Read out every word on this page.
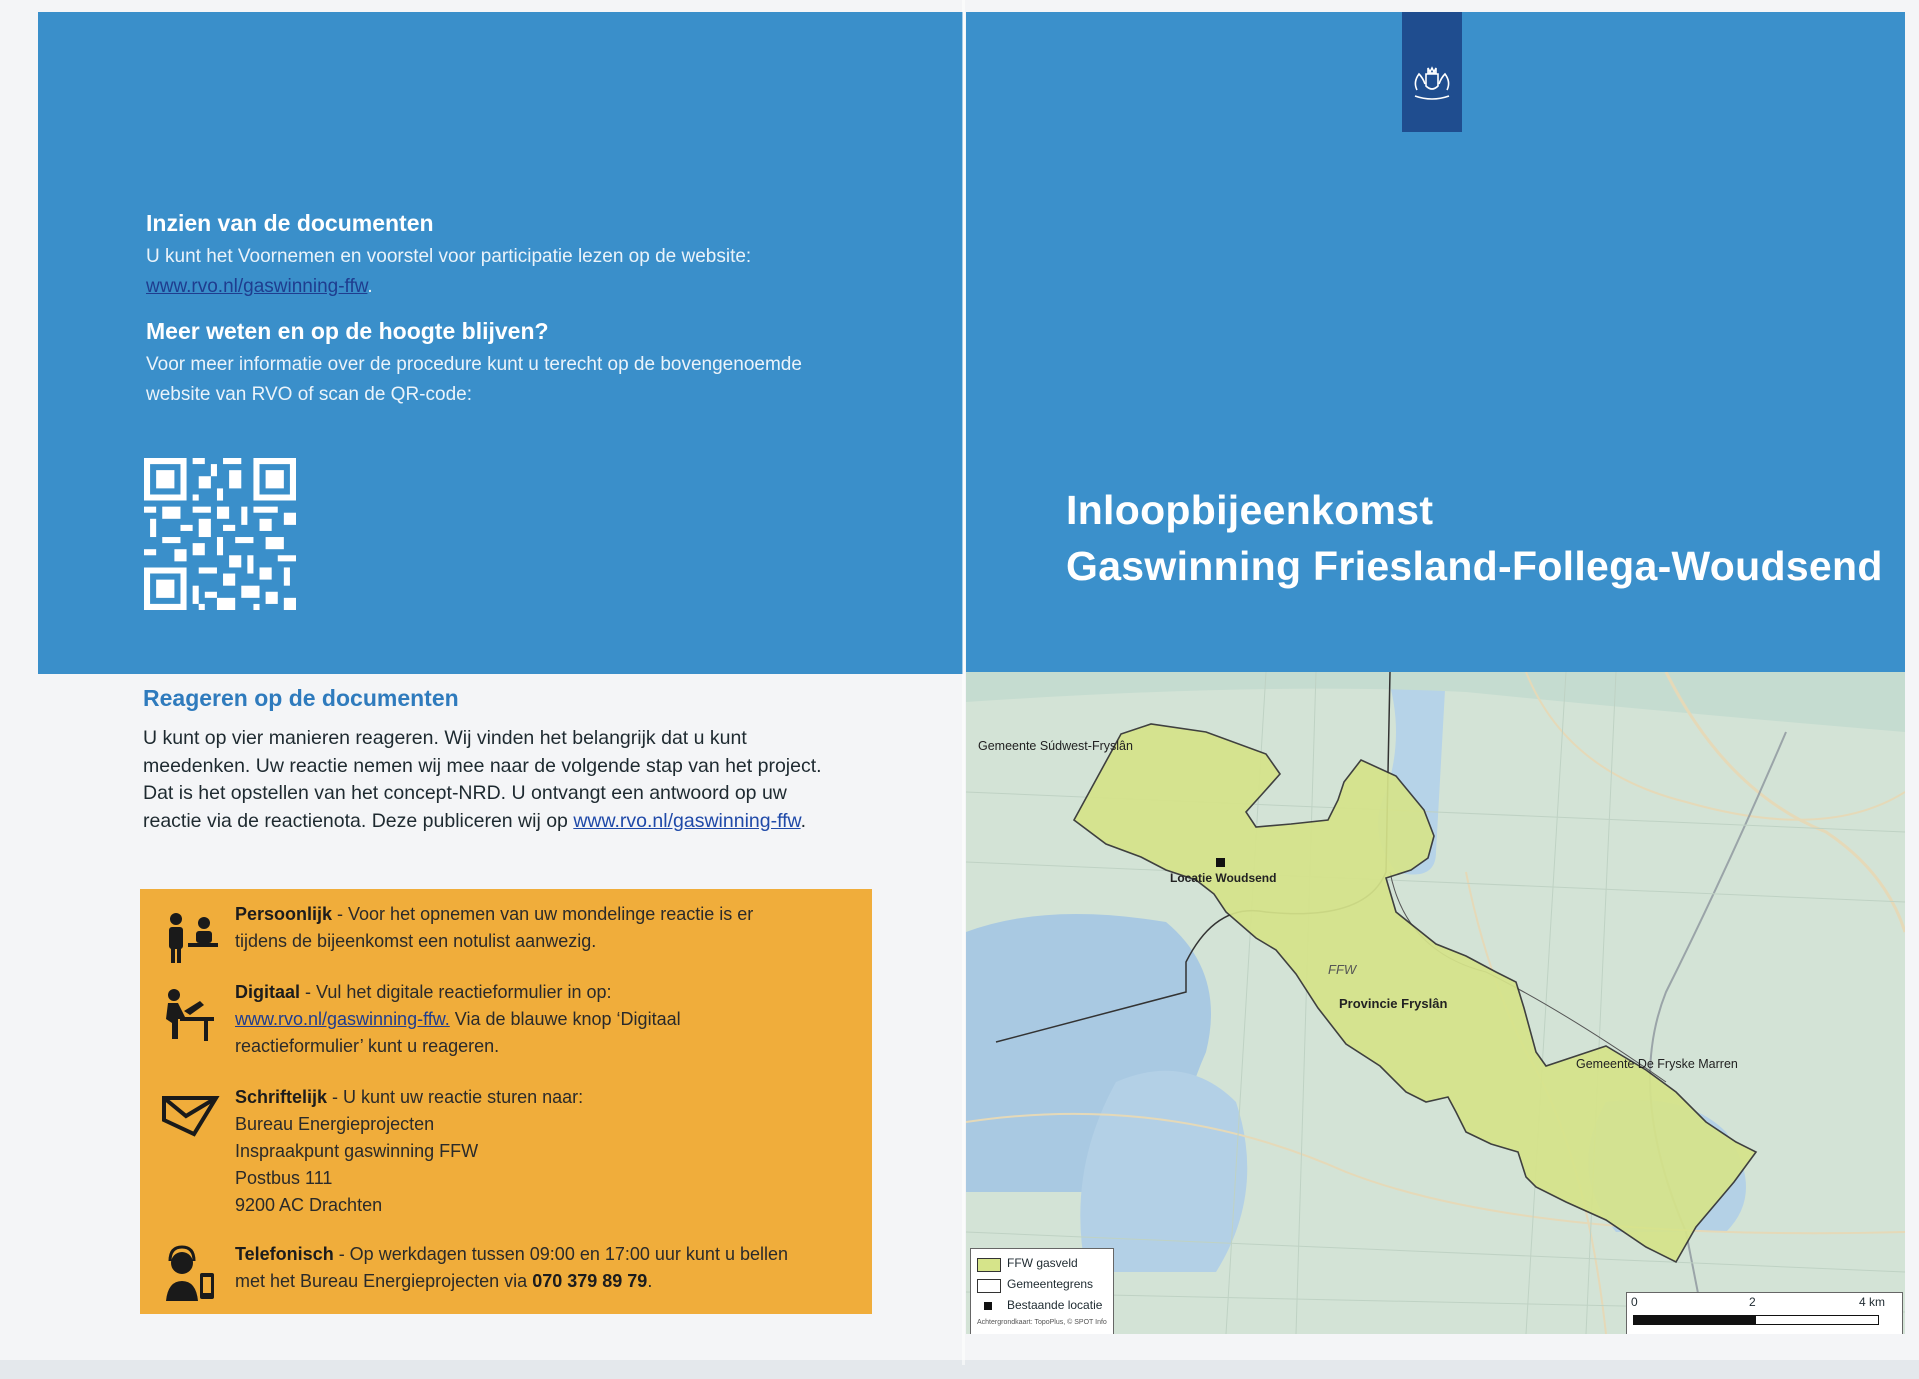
Inzien van de documenten
U kunt het Voornemen en voorstel voor participatie lezen op de website:
www.rvo.nl/gaswinning-ffw.
Meer weten en op de hoogte blijven?
Voor meer informatie over de procedure kunt u terecht op de bovengenoemde
website van RVO of scan de QR-code:
Inloopbijeenkomst
Gaswinning Friesland-Follega-Woudsend
Reageren op de documenten
U kunt op vier manieren reageren. Wij vinden het belangrijk dat u kunt
meedenken. Uw reactie nemen wij mee naar de volgende stap van het project.
Dat is het opstellen van het concept-NRD. U ontvangt een antwoord op uw
reactie via de reactienota. Deze publiceren wij op www.rvo.nl/gaswinning-ffw.
Persoonlijk - Voor het opnemen van uw mondelinge reactie is er
tijdens de bijeenkomst een notulist aanwezig.
Digitaal - Vul het digitale reactieformulier in op:
www.rvo.nl/gaswinning-ffw. Via de blauwe knop ‘Digitaal
reactieformulier’ kunt u reageren.
Schriftelijk - U kunt uw reactie sturen naar:
Bureau Energieprojecten
Inspraakpunt gaswinning FFW
Postbus 111
9200 AC Drachten
Telefonisch - Op werkdagen tussen 09:00 en 17:00 uur kunt u bellen
met het Bureau Energieprojecten via 070 379 89 79.
Gemeente Súdwest-Fryslân
Locatie Woudsend
FFW
Provincie Fryslân
Gemeente De Fryske Marren
FFW gasveld
Gemeentegrens
Bestaande locatie
Achtergrondkaart: TopoPlus, © SPOT Info
0	2	4 km
